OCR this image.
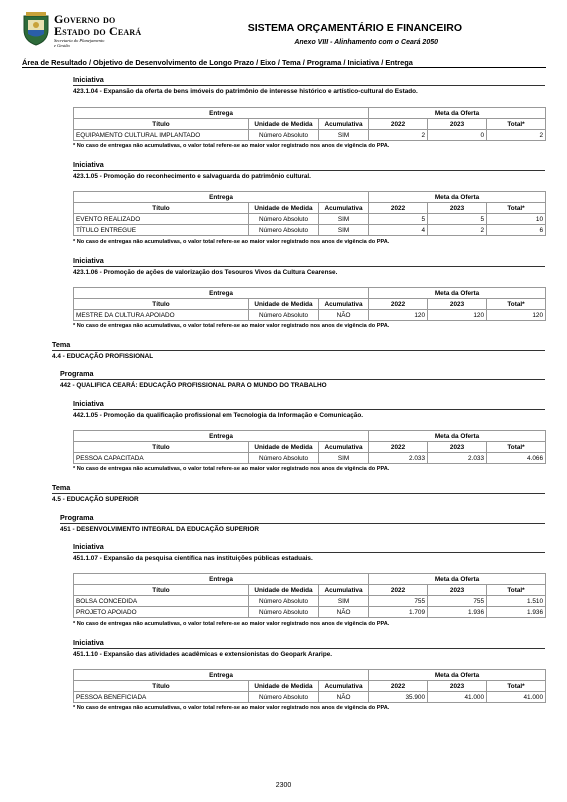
Governo do
Estado do Ceará
Secretaria do Planejamento
e Gestão
SISTEMA ORÇAMENTÁRIO E FINANCEIRO
Anexo VIII - Alinhamento com o Ceará 2050
Área de Resultado / Objetivo de Desenvolvimento de Longo Prazo / Eixo / Tema / Programa / Iniciativa / Entrega
Iniciativa
423.1.04 - Expansão da oferta de bens imóveis do patrimônio de interesse histórico e artístico-cultural do Estado.
Entrega			Meta da Oferta		
Título	Unidade de Medida	Acumulativa	2022	2023	Total*
EQUIPAMENTO CULTURAL IMPLANTADO	Número Absoluto	SIM	2	0	2
* No caso de entregas não acumulativas, o valor total refere-se ao maior valor registrado nos anos de vigência do PPA.
Iniciativa
423.1.05 - Promoção do reconhecimento e salvaguarda do patrimônio cultural.
Entrega			Meta da Oferta		
Título	Unidade de Medida	Acumulativa	2022	2023	Total*
EVENTO REALIZADO	Número Absoluto	SIM	5	5	10
TÍTULO ENTREGUE	Número Absoluto	SIM	4	2	6
* No caso de entregas não acumulativas, o valor total refere-se ao maior valor registrado nos anos de vigência do PPA.
Iniciativa
423.1.06 - Promoção de ações de valorização dos Tesouros Vivos da Cultura Cearense.
Entrega			Meta da Oferta		
Título	Unidade de Medida	Acumulativa	2022	2023	Total*
MESTRE DA CULTURA APOIADO	Número Absoluto	NÃO	120	120	120
* No caso de entregas não acumulativas, o valor total refere-se ao maior valor registrado nos anos de vigência do PPA.
Tema
4.4 - EDUCAÇÃO PROFISSIONAL
Programa
442 - QUALIFICA CEARÁ: EDUCAÇÃO PROFISSIONAL PARA O MUNDO DO TRABALHO
Iniciativa
442.1.05 - Promoção da qualificação profissional em Tecnologia da Informação e Comunicação.
Entrega			Meta da Oferta		
Título	Unidade de Medida	Acumulativa	2022	2023	Total*
PESSOA CAPACITADA	Número Absoluto	SIM	2.033	2.033	4.066
* No caso de entregas não acumulativas, o valor total refere-se ao maior valor registrado nos anos de vigência do PPA.
Tema
4.5 - EDUCAÇÃO SUPERIOR
Programa
451 - DESENVOLVIMENTO INTEGRAL DA EDUCAÇÃO SUPERIOR
Iniciativa
451.1.07 - Expansão da pesquisa científica nas instituições públicas estaduais.
Entrega			Meta da Oferta		
Título	Unidade de Medida	Acumulativa	2022	2023	Total*
BOLSA CONCEDIDA	Número Absoluto	SIM	755	755	1.510
PROJETO APOIADO	Número Absoluto	NÃO	1.709	1.936	1.936
* No caso de entregas não acumulativas, o valor total refere-se ao maior valor registrado nos anos de vigência do PPA.
Iniciativa
451.1.10 - Expansão das atividades acadêmicas e extensionistas do Geopark Araripe.
Entrega			Meta da Oferta		
Título	Unidade de Medida	Acumulativa	2022	2023	Total*
PESSOA BENEFICIADA	Número Absoluto	NÃO	35.900	41.000	41.000
* No caso de entregas não acumulativas, o valor total refere-se ao maior valor registrado nos anos de vigência do PPA.
2300
